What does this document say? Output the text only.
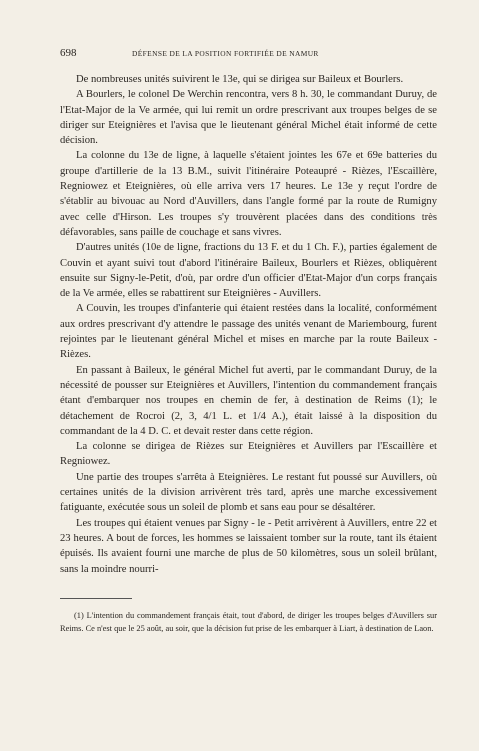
698	DÉFENSE DE LA POSITION FORTIFIÉE DE NAMUR

De nombreuses unités suivirent le 13e, qui se dirigea sur Baileux et Bourlers.

A Bourlers, le colonel De Werchin rencontra, vers 8 h. 30, le commandant Duruy, de l'Etat-Major de la Ve armée, qui lui remit un ordre prescrivant aux troupes belges de se diriger sur Eteignières et l'avisa que le lieutenant général Michel était informé de cette décision.

La colonne du 13e de ligne, à laquelle s'étaient jointes les 67e et 69e batteries du groupe d'artillerie de la 13 B.M., suivit l'itinéraire Poteaupré - Rièzes, l'Escaillère, Regniowez et Eteignières, où elle arriva vers 17 heures. Le 13e y reçut l'ordre de s'établir au bivouac au Nord d'Auvillers, dans l'angle formé par la route de Rumigny avec celle d'Hirson. Les troupes s'y trouvèrent placées dans des conditions très défavorables, sans paille de couchage et sans vivres.

D'autres unités (10e de ligne, fractions du 13 F. et du 1 Ch. F.), parties également de Couvin et ayant suivi tout d'abord l'itinéraire Baileux, Bourlers et Rièzes, obliquèrent ensuite sur Signy-le-Petit, d'où, par ordre d'un officier d'Etat-Major d'un corps français de la Ve armée, elles se rabattirent sur Eteignières - Auvillers.

A Couvin, les troupes d'infanterie qui étaient restées dans la localité, conformément aux ordres prescrivant d'y attendre le passage des unités venant de Mariembourg, furent rejointes par le lieutenant général Michel et mises en marche par la route Baileux - Rièzes.

En passant à Baileux, le général Michel fut averti, par le commandant Duruy, de la nécessité de pousser sur Eteignières et Auvillers, l'intention du commandement français étant d'embarquer nos troupes en chemin de fer, à destination de Reims (1); le détachement de Rocroi (2, 3, 4/1 L. et 1/4 A.), était laissé à la disposition du commandant de la 4 D. C. et devait rester dans cette région.

La colonne se dirigea de Rièzes sur Eteignières et Auvillers par l'Escaillère et Regniowez.

Une partie des troupes s'arrêta à Eteignières. Le restant fut poussé sur Auvillers, où certaines unités de la division arrivèrent très tard, après une marche excessivement fatiguante, exécutée sous un soleil de plomb et sans eau pour se désaltérer.

Les troupes qui étaient venues par Signy - le - Petit arrivèrent à Auvillers, entre 22 et 23 heures. A bout de forces, les hommes se laissaient tomber sur la route, tant ils étaient épuisés. Ils avaient fourni une marche de plus de 50 kilomètres, sous un soleil brûlant, sans la moindre nourri-

(1) L'intention du commandement français était, tout d'abord, de diriger les troupes belges d'Auvillers sur Reims. Ce n'est que le 25 août, au soir, que la décision fut prise de les embarquer à Liart, à destination de Laon.
